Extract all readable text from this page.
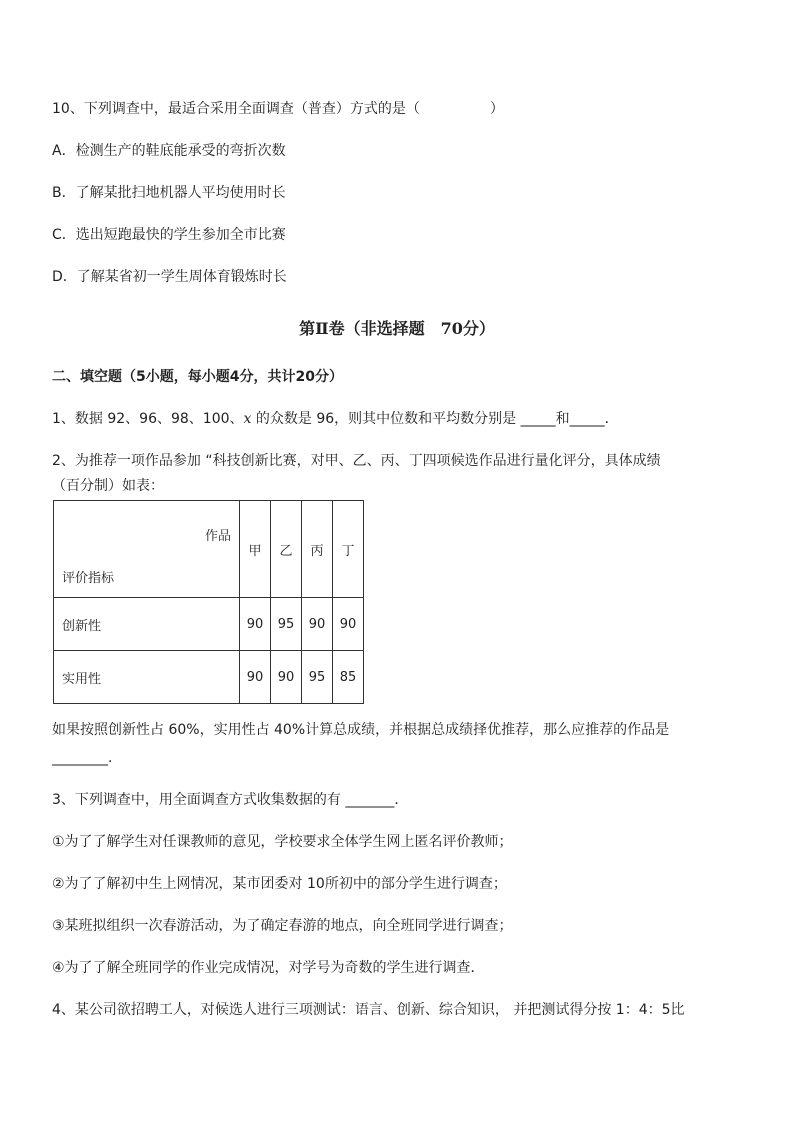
10、下列调查中，最适合采用全面调查（普查）方式的是（　　　　　）
A．检测生产的鞋底能承受的弯折次数
B．了解某批扫地机器人平均使用时长
C．选出短跑最快的学生参加全市比赛
D．了解某省初一学生周体育锻炼时长
第Ⅱ卷（非选择题　70分）
二、填空题（5小题，每小题4分，共计20分）
1、数据 92、96、98、100、x 的众数是 96，则其中位数和平均数分别是 _____和_____．
2、为推荐一项作品参加 “科技创新比赛，对甲、乙、丙、丁四项候选作品进行量化评分，具体成绩
（百分制）如表：
作品
评价指标	甲	乙	丙	丁
创新性	90	95	90	90
实用性	90	90	95	85
如果按照创新性占 60%，实用性占 40%计算总成绩，并根据总成绩择优推荐，那么应推荐的作品是
________.
3、下列调查中，用全面调查方式收集数据的有 _______．
①为了了解学生对任课教师的意见，学校要求全体学生网上匿名评价教师；
②为了了解初中生上网情况，某市团委对 10所初中的部分学生进行调查；
③某班拟组织一次春游活动，为了确定春游的地点，向全班同学进行调查；
④为了了解全班同学的作业完成情况，对学号为奇数的学生进行调查．
4、某公司欲招聘工人，对候选人进行三项测试：语言、创新、综合知识， 并把测试得分按 1：4：5比
